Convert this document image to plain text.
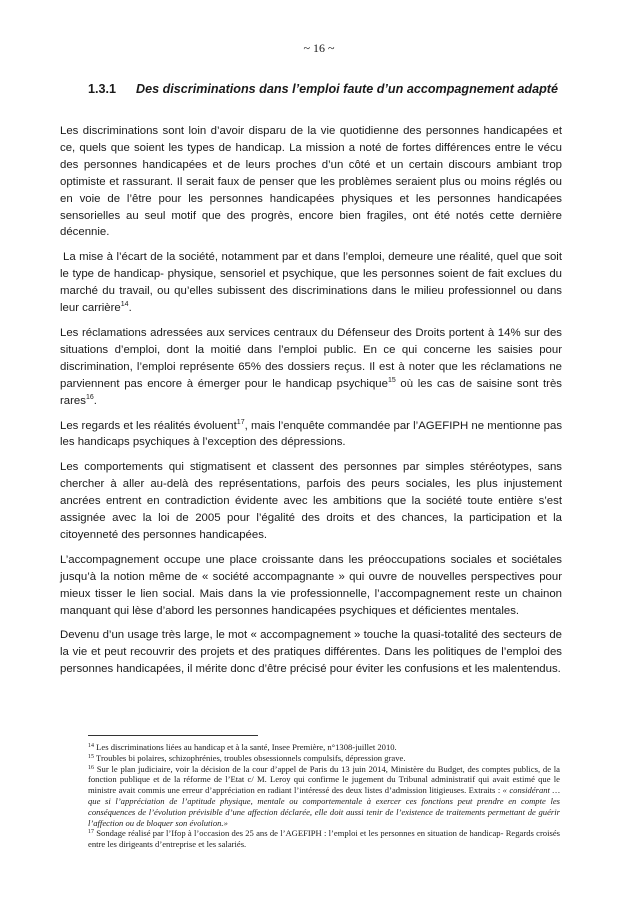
~ 16 ~
1.3.1 Des discriminations dans l’emploi faute d’un accompagnement adapté

Les discriminations sont loin d’avoir disparu de la vie quotidienne des personnes handicapées et ce, quels que soient les types de handicap. La mission a noté de fortes différences entre le vécu des personnes handicapées et de leurs proches d’un côté et un certain discours ambiant trop optimiste et rassurant. Il serait faux de penser que les problèmes seraient plus ou moins réglés ou en voie de l’être pour les personnes handicapées physiques et les personnes handicapées sensorielles au seul motif que des progrès, encore bien fragiles, ont été notés cette dernière décennie.

La mise à l’écart de la société, notamment par et dans l’emploi, demeure une réalité, quel que soit le type de handicap- physique, sensoriel et psychique, que les personnes soient de fait exclues du marché du travail, ou qu’elles subissent des discriminations dans le milieu professionnel ou dans leur carrière$^{14}$.

Les réclamations adressées aux services centraux du Défenseur des Droits portent à 14% sur des situations d’emploi, dont la moitié dans l’emploi public. En ce qui concerne les saisies pour discrimination, l’emploi représente 65% des dossiers reçus. Il est à noter que les réclamations ne parviennent pas encore à émerger pour le handicap psychique$^{15}$ où les cas de saisine sont très rares$^{16}$.

Les regards et les réalités évoluent$^{17}$, mais l’enquête commandée par l’AGEFIPH ne mentionne pas les handicaps psychiques à l’exception des dépressions.

Les comportements qui stigmatisent et classent des personnes par simples stéréotypes, sans chercher à aller au-delà des représentations, parfois des peurs sociales, les plus injustement ancrées entrent en contradiction évidente avec les ambitions que la société toute entière s’est assignée avec la loi de 2005 pour l’égalité des droits et des chances, la participation et la citoyenneté des personnes handicapées.

L’accompagnement occupe une place croissante dans les préoccupations sociales et sociétales jusqu’à la notion même de « société accompagnante » qui ouvre de nouvelles perspectives pour mieux tisser le lien social. Mais dans la vie professionnelle, l’accompagnement reste un chainon manquant qui lèse d’abord les personnes handicapées psychiques et déficientes mentales.

Devenu d’un usage très large, le mot « accompagnement » touche la quasi-totalité des secteurs de la vie et peut recouvrir des projets et des pratiques différentes. Dans les politiques de l’emploi des personnes handicapées, il mérite donc d’être précisé pour éviter les confusions et les malentendus.

$^{14}$ Les discriminations liées au handicap et à la santé, Insee Première, n°1308-juillet 2010.

$^{15}$ Troubles bi polaires, schizophrénies, troubles obsessionnels compulsifs, dépression grave.

$^{16}$ Sur le plan judiciaire, voir la décision de la cour d’appel de Paris du 13 juin 2014, Ministère du Budget, des comptes publics, de la fonction publique et de la réforme de l’Etat c/ M. Leroy qui confirme le jugement du Tribunal administratif qui avait estimé que le ministre avait commis une erreur d’appréciation en radiant l’intéressé des deux listes d’admission litigieuses. Extraits : « considérant …que si l’appréciation de l’aptitude physique, mentale ou comportementale à exercer ces fonctions peut prendre en compte les conséquences de l’évolution prévisible d’une affection déclarée, elle doit aussi tenir de l’existence de traitements permettant de guérir l’affection ou de bloquer son évolution.»

$^{17}$ Sondage réalisé par l’Ifop à l’occasion des 25 ans de l’AGEFIPH : l’emploi et les personnes en situation de handicap- Regards croisés entre les dirigeants d’entreprise et les salariés.
